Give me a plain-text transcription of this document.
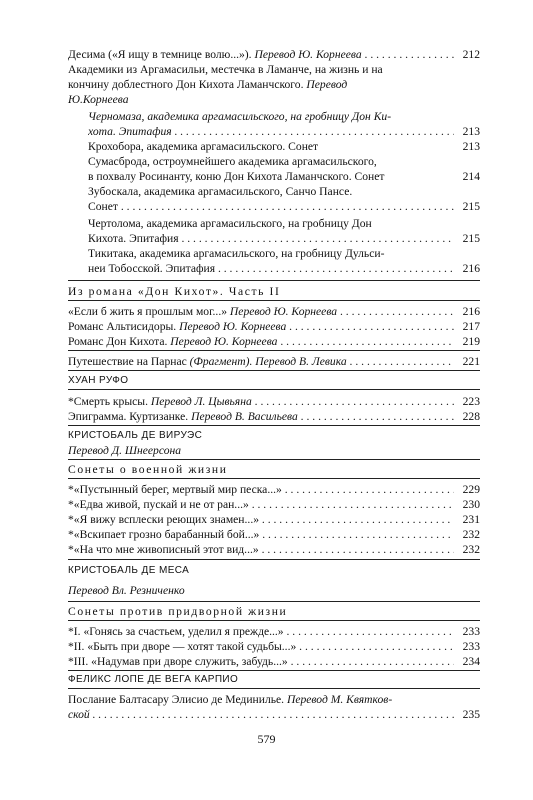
Десима («Я ищу в темнице волю...»). Перевод Ю. Корнеева . . .	212
Академики из Аргамасильи, местечка в Ламанче, на жизнь и на
кончину доблестного Дон Кихота Ламанчского. Перевод
Ю.Корнеева
Черномаза, академика аргамасильского, на гробницу Дон Ки-
хота. Эпитафия . . .	213
Крохобора, академика аргамасильского. Сонет	213
Сумасброда, остроумнейшего академика аргамасильского,
в похвалу Росинанту, коню Дон Кихота Ламанчского. Сонет	214
Зубоскала, академика аргамасильского, Санчо Пансе.
Сонет . . .	215
Чертолома, академика аргамасильского, на гробницу Дон
Кихота. Эпитафия . . .	215
Тикитака, академика аргамасильского, на гробницу Дульси-
неи Тобосской. Эпитафия . . .	216
Из романа «Дон Кихот». Часть II
«Если б жить я прошлым мог...» Перевод Ю. Корнеева . . .	216
Романс Альтисидоры. Перевод Ю. Корнеева . . .	217
Романс Дон Кихота. Перевод Ю. Корнеева . . .	219
Путешествие на Парнас (Фрагмент). Перевод В. Левика . . .	221
ХУАН РУФО
*Смерть крысы. Перевод Л. Цывьяна . . .	223
Эпиграмма. Куртизанке. Перевод В. Васильева . . .	228
КРИСТОБАЛЬ ДЕ ВИРУЭС
Перевод Д. Шнеерсона
Сонеты о военной жизни
*«Пустынный берег, мертвый мир песка...» . . .	229
*«Едва живой, пускай и не от ран...» . . .	230
*«Я вижу всплески реющих знамен...» . . .	231
*«Вскипает грозно барабанный бой...» . . .	232
*«На что мне живописный этот вид...» . . .	232
КРИСТОБАЛЬ ДЕ МЕСА
Перевод Вл. Резниченко
Сонеты против придворной жизни
*I. «Гонясь за счастьем, уделил я прежде...» . . .	233
*II. «Быть при дворе — хотят такой судьбы...» . . .	233
*III. «Надумав при дворе служить, забудь...» . . .	234
ФЕЛИКС ЛОПЕ ДЕ ВЕГА КАРПИО
Послание Балтасару Элисио де Мединилье. Перевод М. Квятков-
ской . . .	235
579
